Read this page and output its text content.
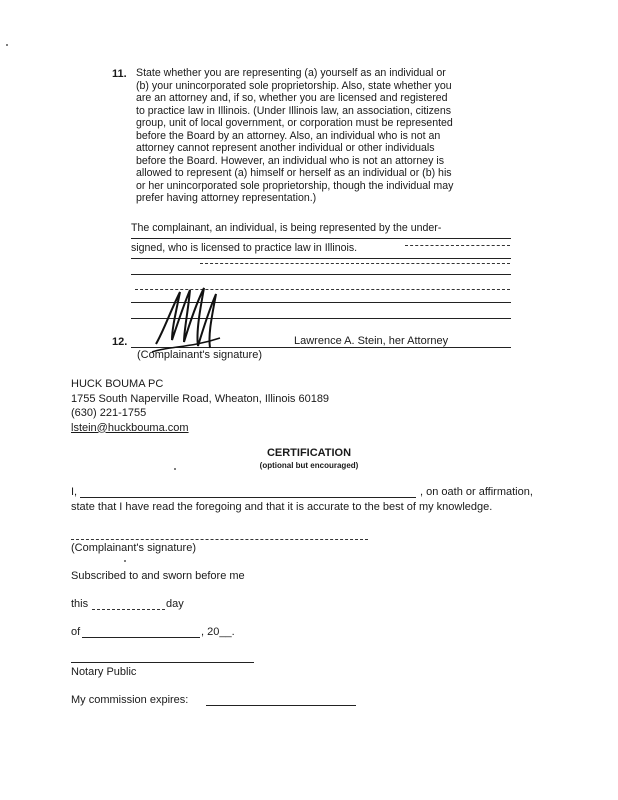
11. State whether you are representing (a) yourself as an individual or
(b) your unincorporated sole proprietorship. Also, state whether you
are an attorney and, if so, whether you are licensed and registered
to practice law in Illinois. (Under Illinois law, an association, citizens
group, unit of local government, or corporation must be represented
before the Board by an attorney. Also, an individual who is not an
attorney cannot represent another individual or other individuals
before the Board. However, an individual who is not an attorney is
allowed to represent (a) himself or herself as an individual or (b) his
or her unincorporated sole proprietorship, though the individual may
prefer having attorney representation.)
The complainant, an individual, is being represented by the under-
signed, who is licensed to practice law in Illinois.
12.	Lawrence A. Stein, her Attorney
(Complainant's signature)
HUCK BOUMA PC
1755 South Naperville Road, Wheaton, Illinois 60189
(630) 221-1755
lstein@huckbouma.com
CERTIFICATION
(optional but encouraged)
I,	, on oath or affirmation,
state that I have read the foregoing and that it is accurate to the best of my knowledge.
(Complainant's signature)
Subscribed to and sworn before me
this	day
of	, 20__.
Notary Public
My commission expires:
